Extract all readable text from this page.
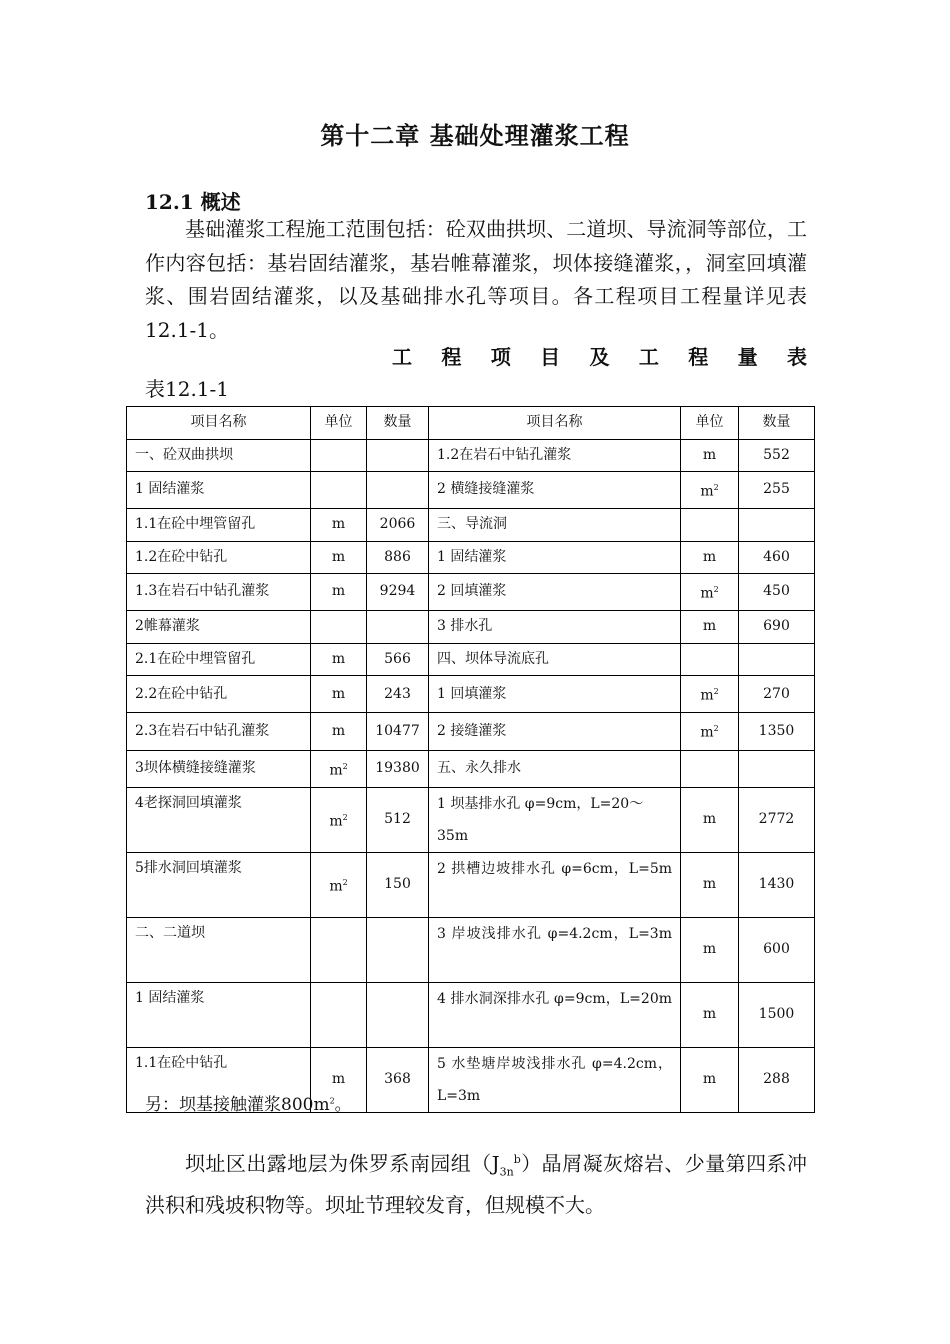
第十二章 基础处理灌浆工程
12.1 概述

基础灌浆工程施工范围包括：砼双曲拱坝、二道坝、导流洞等部位，工作内容包括：基岩固结灌浆，基岩帷幕灌浆，坝体接缝灌浆，，洞室回填灌浆、围岩固结灌浆，以及基础排水孔等项目。各工程项目工程量详见表12.1-1。

工 程 项 目 及 工 程 量 表
表12.1-1
项目名称	单位	数量	项目名称	单位	数量
一、砼双曲拱坝			1.2在岩石中钻孔灌浆	m	552
1 固结灌浆			2 横缝接缝灌浆	$m^2$	255
1.1在砼中埋管留孔	m	2066	三、导流洞		
1.2在砼中钻孔	m	886	1 固结灌浆	m	460
1.3在岩石中钻孔灌浆	m	9294	2 回填灌浆	$m^2$	450
2帷幕灌浆			3 排水孔	m	690
2.1在砼中埋管留孔	m	566	四、坝体导流底孔		
2.2在砼中钻孔	m	243	1 回填灌浆	$m^2$	270
2.3在岩石中钻孔灌浆	m	10477	2 接缝灌浆	$m^2$	1350
3坝体横缝接缝灌浆	$m^2$	19380	五、永久排水		
4老探洞回填灌浆	$m^2$	512	1 坝基排水孔 φ=9cm，L=20～35m	m	2772
5排水洞回填灌浆	$m^2$	150	2 拱槽边坡排水孔 φ=6cm，L=5m	m	1430
二、二道坝			3 岸坡浅排水孔 φ=4.2cm，L=3m	m	600
1 固结灌浆			4 排水洞深排水孔 φ=9cm，L=20m	m	1500
1.1在砼中钻孔	m	368	5 水垫塘岸坡浅排水孔 φ=4.2cm，L=3m	m	288
另：坝基接触灌浆$800m^2$。

坝址区出露地层为侏罗系南园组$(J_{3n}^b)$晶屑凝灰熔岩、少量第四系冲洪积和残坡积物等。坝址节理较发育，但规模不大。
